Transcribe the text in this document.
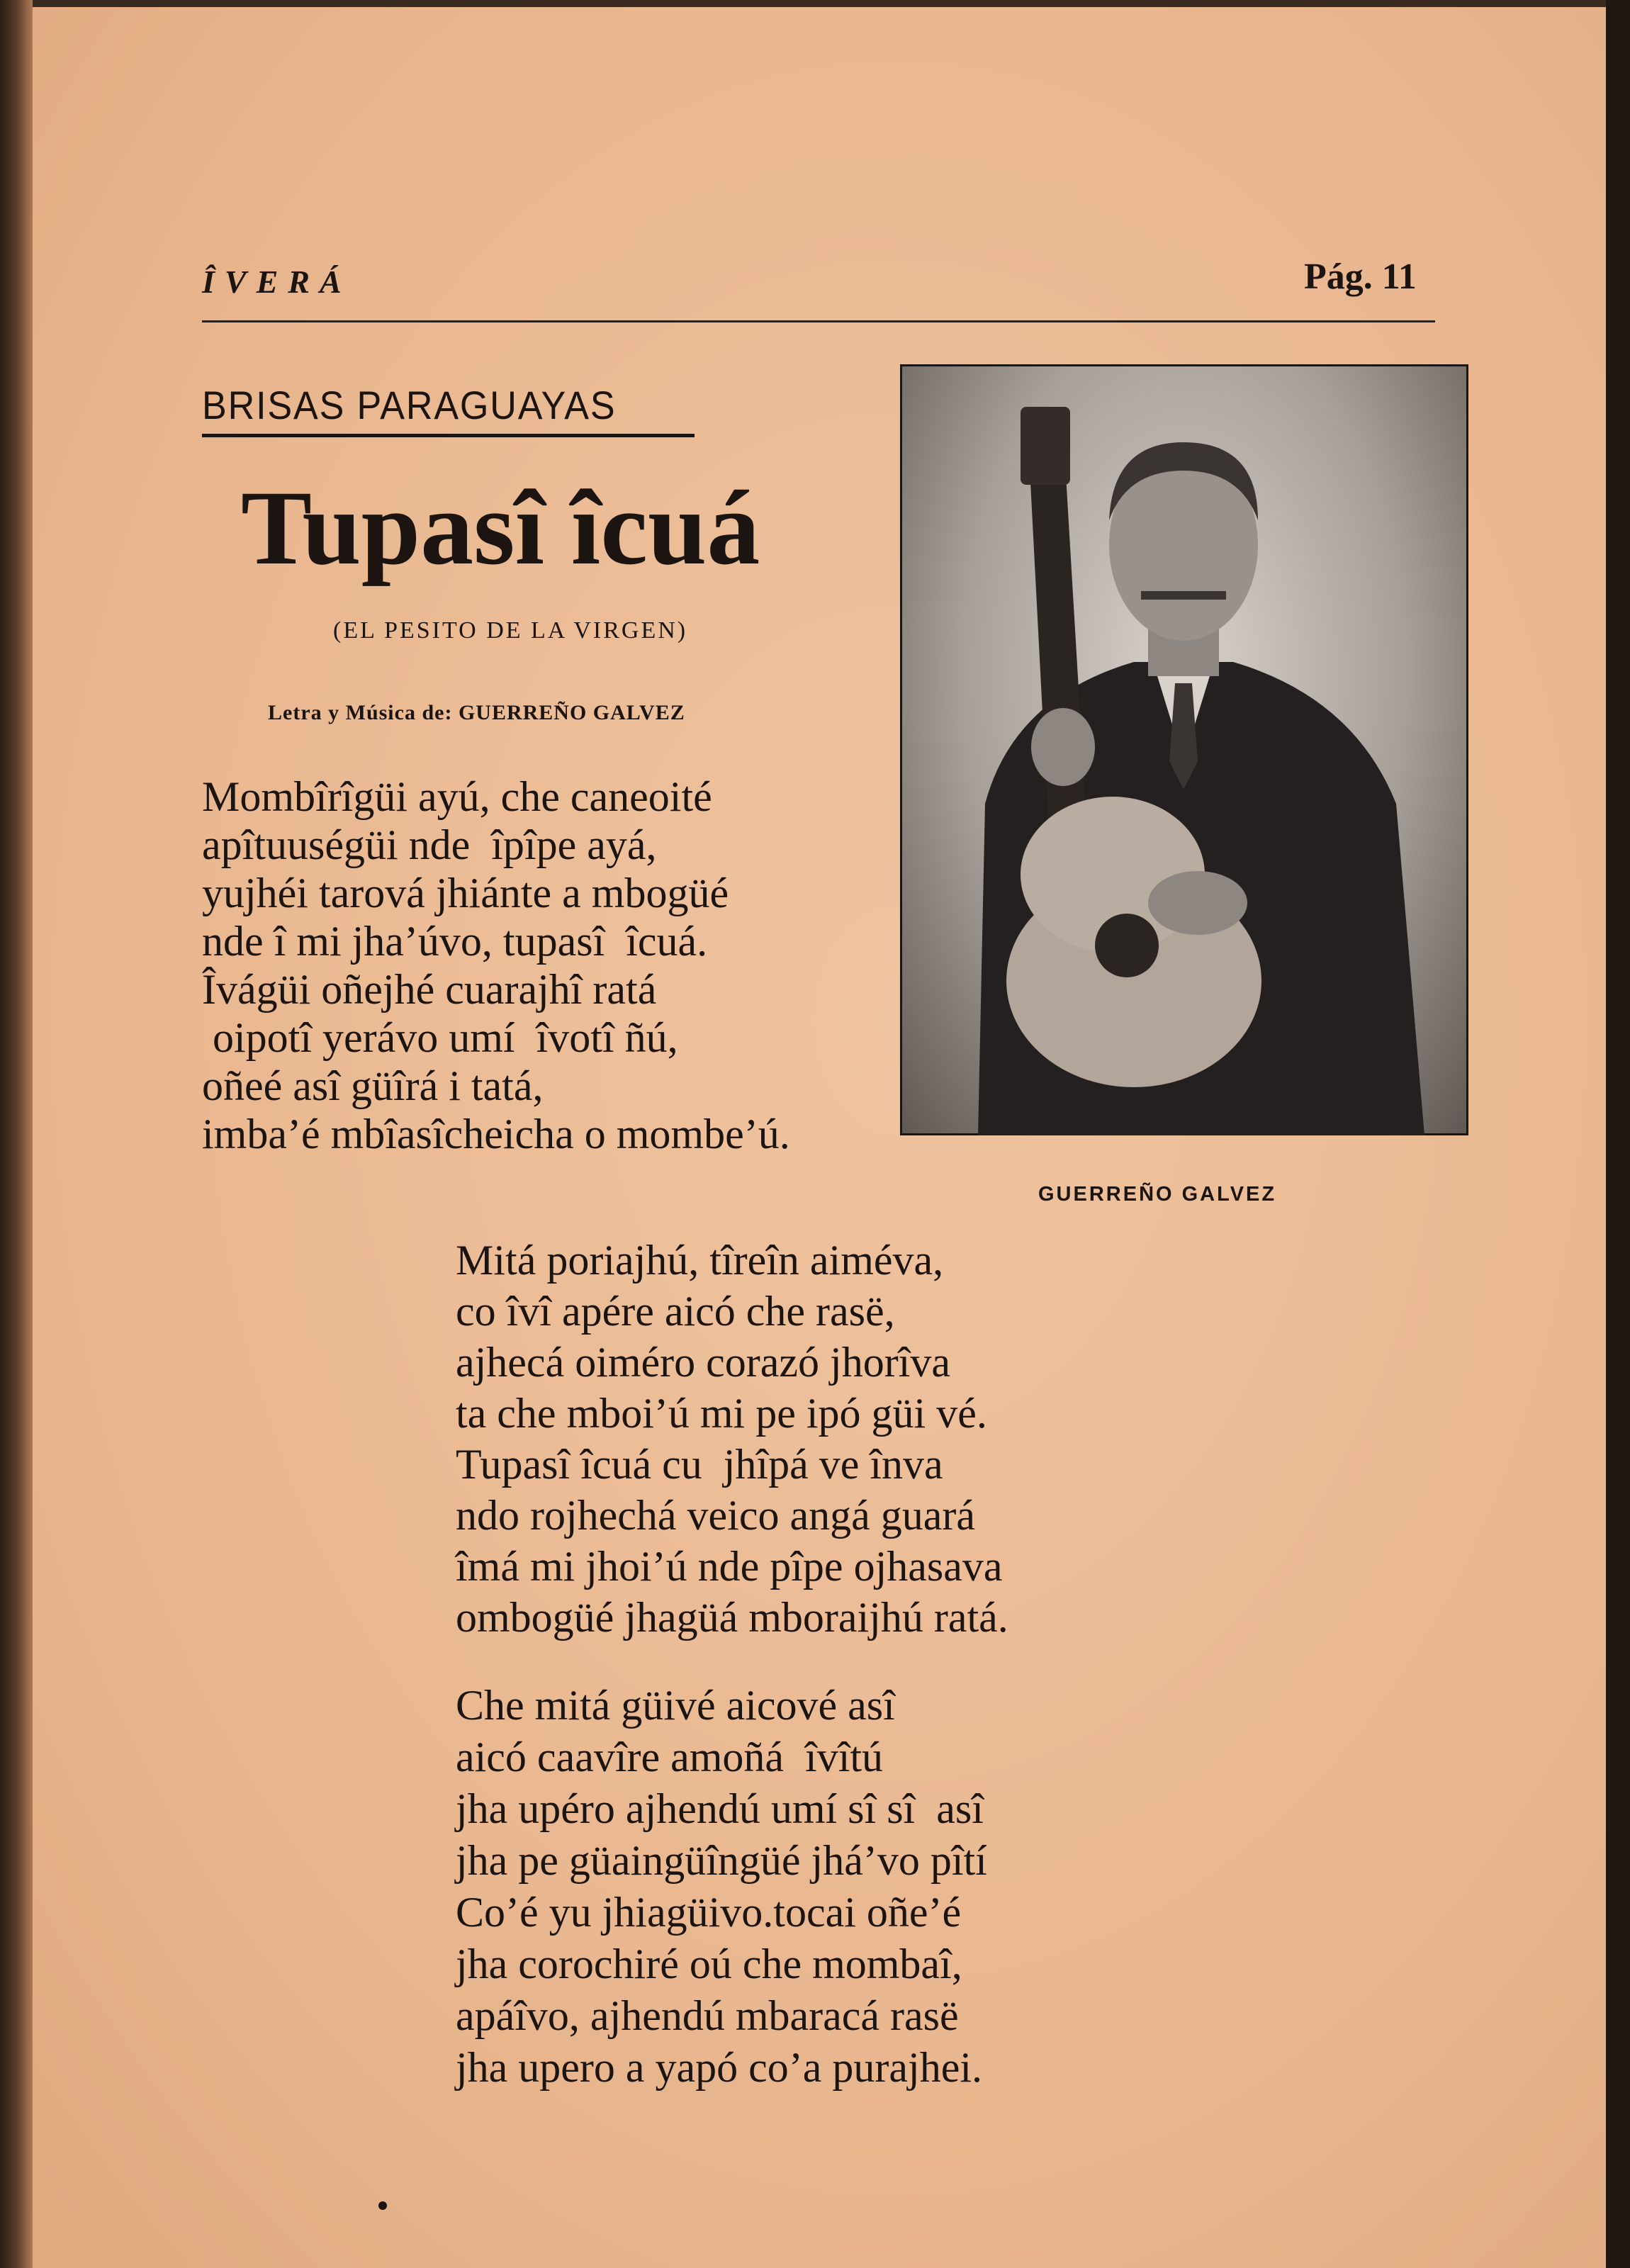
ÎVERÁ	Pág. 11
BRISAS PARAGUAYAS
Tupasî îcuá
(EL PESITO DE LA VIRGEN)
Letra y Música de: GUERREÑO GALVEZ
GUERREÑO GALVEZ
Mombîrîgüi ayú, che caneoité
apîtuuségüi nde  îpîpe ayá,
yujhéi tarová jhiánte a mbogüé
nde î mi jha’úvo, tupasî  îcuá.
Îvágüi oñejhé cuarajhî ratá
oipotî yerávo umí  îvotî ñú,
oñeé asî güîrá i tatá,
imba’é mbîasîcheicha o mombe’ú.
Mitá poriajhú, tîreîn aiméva,
co îvî apére aicó che rasë,
ajhecá oiméro corazó jhorîva
ta che mboi’ú mi pe ipó güi vé.
Tupasî îcuá cu  jhîpá ve înva
ndo rojhechá veico angá guará
îmá mi jhoi’ú nde pîpe ojhasava
ombogüé jhagüá mboraijhú ratá.
Che mitá güivé aicové asî
aicó caavîre amoñá  îvîtú
jha upéro ajhendú umí sî sî  asî
jha pe güaingüîngüé jhá’vo pîtí
Co’é yu jhiagüivo.tocai oñe’é
jha corochiré oú che mombaî,
apáîvo, ajhendú mbaracá rasë
jha upero a yapó co’a purajhei.
